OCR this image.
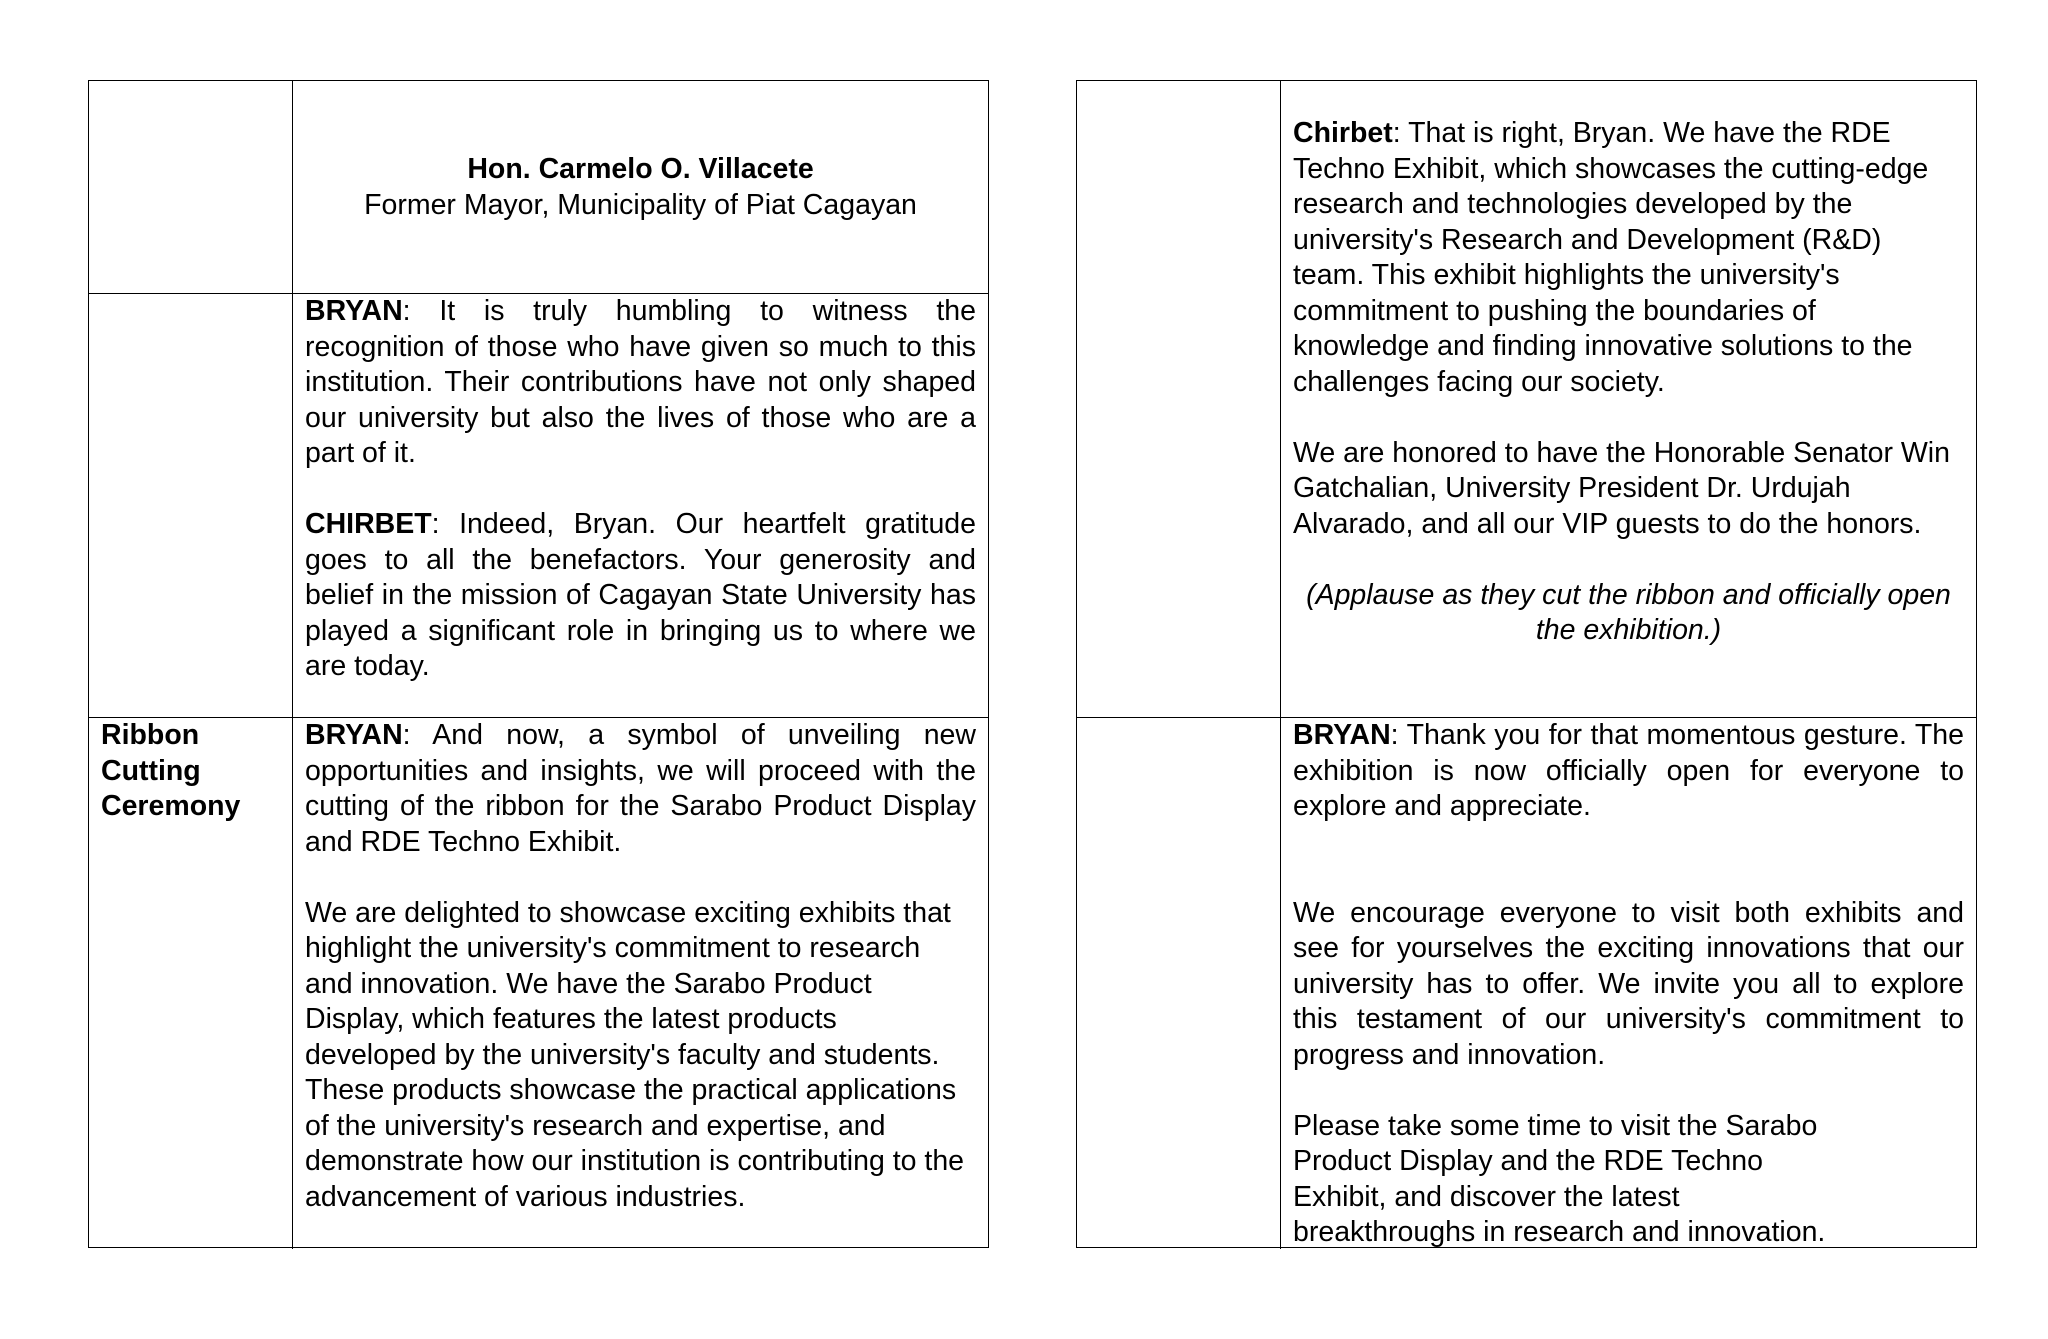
Hon. Carmelo O. Villacete

Former Mayor, Municipality of Piat Cagayan

BRYAN: It is truly humbling to witness the recognition of those who have given so much to this institution. Their contributions have not only shaped our university but also the lives of those who are a part of it.

CHIRBET: Indeed, Bryan. Our heartfelt gratitude goes to all the benefactors. Your generosity and belief in the mission of Cagayan State University has played a significant role in bringing us to where we are today.

Ribbon

Cutting

Ceremony

BRYAN: And now, a symbol of unveiling new opportunities and insights, we will proceed with the cutting of the ribbon for the Sarabo Product Display and RDE Techno Exhibit.

We are delighted to showcase exciting exhibits that highlight the university's commitment to research and innovation. We have the Sarabo Product Display, which features the latest products developed by the university's faculty and students. These products showcase the practical applications of the university's research and expertise, and demonstrate how our institution is contributing to the advancement of various industries.

Chirbet: That is right, Bryan. We have the RDE Techno Exhibit, which showcases the cutting-edge research and technologies developed by the university's Research and Development (R&D) team. This exhibit highlights the university's commitment to pushing the boundaries of knowledge and finding innovative solutions to the challenges facing our society.

We are honored to have the Honorable Senator Win Gatchalian, University President Dr. Urdujah Alvarado, and all our VIP guests to do the honors.

(Applause as they cut the ribbon and officially open the exhibition.)

BRYAN: Thank you for that momentous gesture. The exhibition is now officially open for everyone to explore and appreciate.

We encourage everyone to visit both exhibits and see for yourselves the exciting innovations that our university has to offer. We invite you all to explore this testament of our university's commitment to progress and innovation.

Please take some time to visit the Sarabo Product Display and the RDE Techno Exhibit, and discover the latest breakthroughs in research and innovation.
